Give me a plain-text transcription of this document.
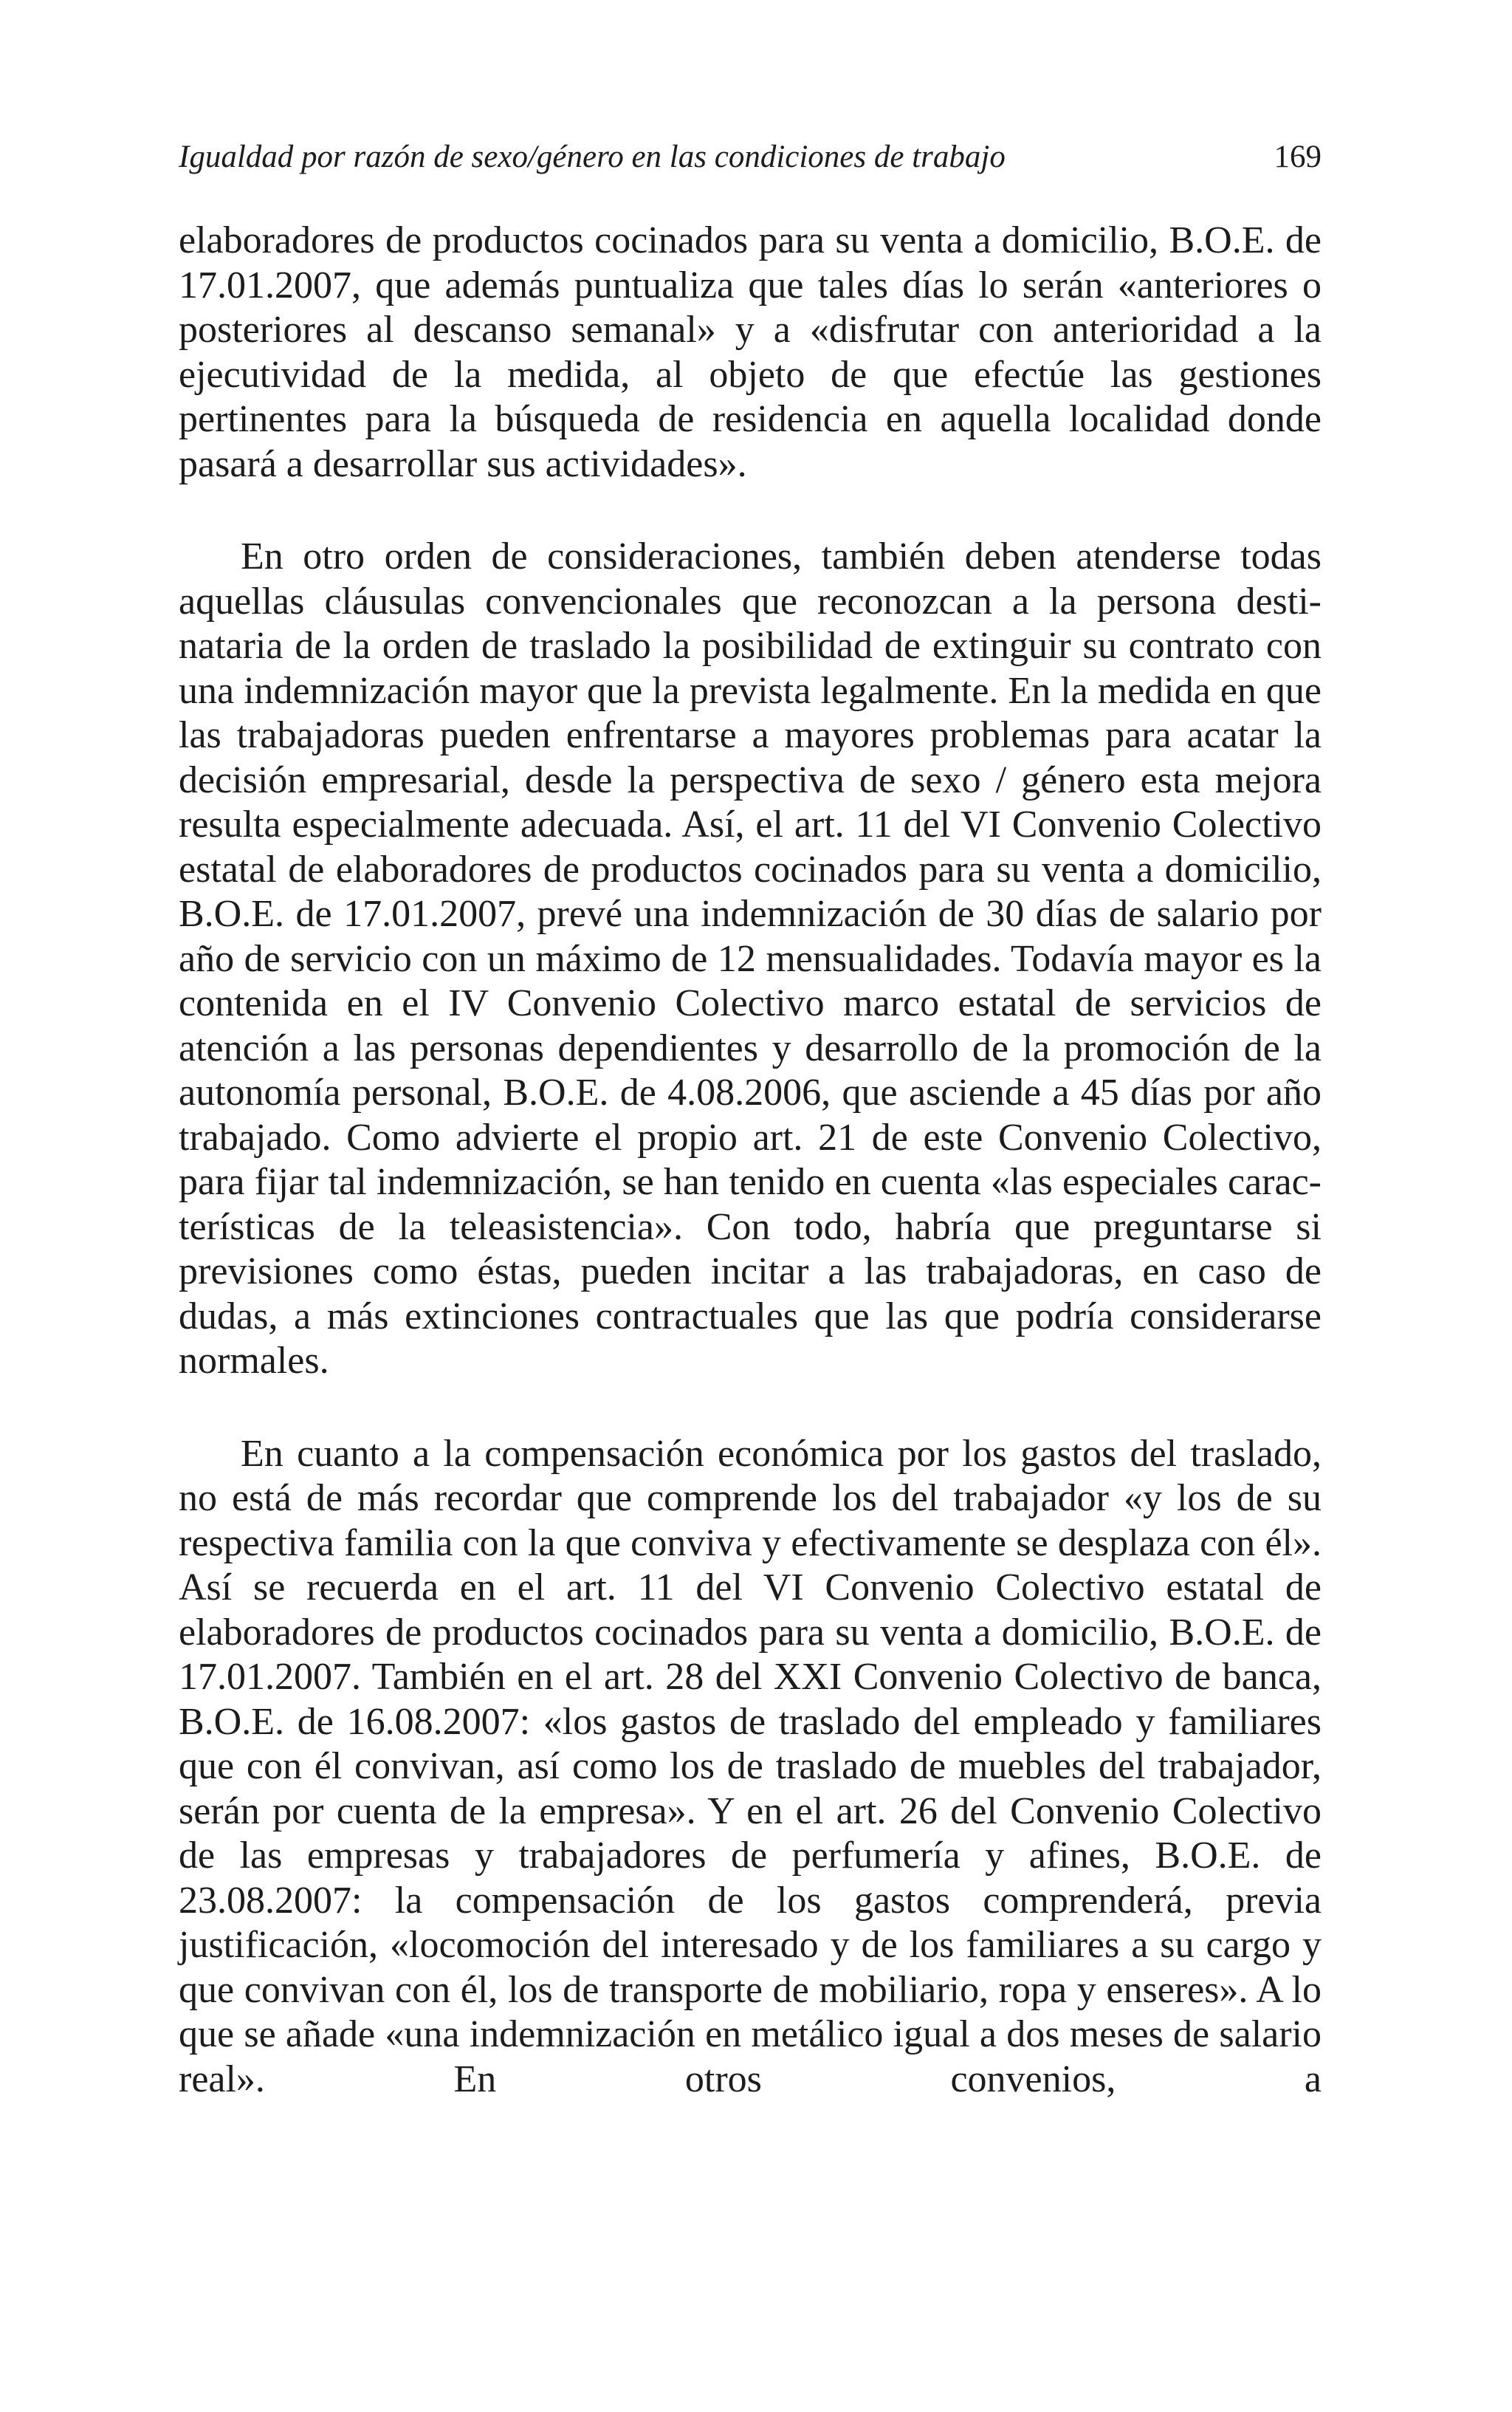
Igualdad por razón de sexo/género en las condiciones de trabajo	169

elaboradores de productos cocinados para su venta a domicilio, B.O.E. de 17.01.2007, que además puntualiza que tales días lo serán «anteriores o posteriores al descanso semanal» y a «disfrutar con anterioridad a la ejecutividad de la medida, al objeto de que efectúe las gestiones pertinentes para la búsqueda de residencia en aquella localidad donde pasará a desarrollar sus actividades».

En otro orden de consideraciones, también deben atenderse todas aquellas cláusulas convencionales que reconozcan a la persona destinataria de la orden de traslado la posibilidad de extinguir su contrato con una indemnización mayor que la prevista legalmente. En la medida en que las trabajadoras pueden enfrentarse a mayores problemas para acatar la decisión empresarial, desde la perspectiva de sexo / género esta mejora resulta especialmente adecuada. Así, el art. 11 del VI Convenio Colectivo estatal de elaboradores de productos cocinados para su venta a domicilio, B.O.E. de 17.01.2007, prevé una indemnización de 30 días de salario por año de servicio con un máximo de 12 mensualidades. Todavía mayor es la contenida en el IV Convenio Colectivo marco estatal de servicios de atención a las personas dependientes y desarrollo de la promoción de la autonomía personal, B.O.E. de 4.08.2006, que asciende a 45 días por año trabajado. Como advierte el propio art. 21 de este Convenio Colectivo, para fijar tal indemnización, se han tenido en cuenta «las especiales características de la teleasistencia». Con todo, habría que preguntarse si previsiones como éstas, pueden incitar a las trabajadoras, en caso de dudas, a más extinciones contractuales que las que podría considerarse normales.

En cuanto a la compensación económica por los gastos del traslado, no está de más recordar que comprende los del trabajador «y los de su respectiva familia con la que conviva y efectivamente se desplaza con él». Así se recuerda en el art. 11 del VI Convenio Colectivo estatal de elaboradores de productos cocinados para su venta a domicilio, B.O.E. de 17.01.2007. También en el art. 28 del XXI Convenio Colectivo de banca, B.O.E. de 16.08.2007: «los gastos de traslado del empleado y familiares que con él convivan, así como los de traslado de muebles del trabajador, serán por cuenta de la empresa». Y en el art. 26 del Convenio Colectivo de las empresas y trabajadores de perfumería y afines, B.O.E. de 23.08.2007: la compensación de los gastos comprenderá, previa justificación, «locomoción del interesado y de los familiares a su cargo y que convivan con él, los de transporte de mobiliario, ropa y enseres». A lo que se añade «una indemnización en metálico igual a dos meses de salario real». En otros convenios, a
